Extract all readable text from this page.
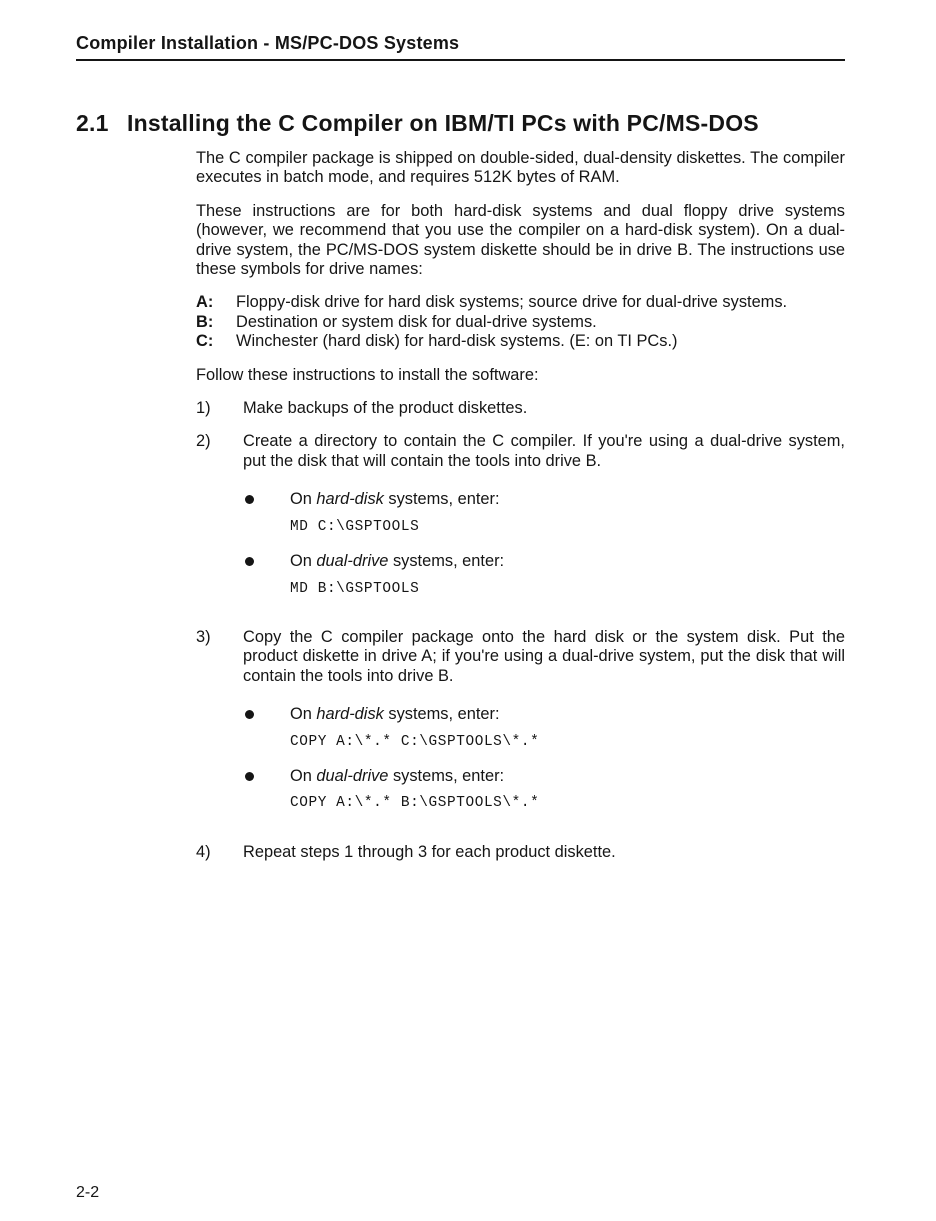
Compiler Installation - MS/PC-DOS Systems
2.1 Installing the C Compiler on IBM/TI PCs with PC/MS-DOS

The C compiler package is shipped on double-sided, dual-density diskettes. The compiler executes in batch mode, and requires 512K bytes of RAM.

These instructions are for both hard-disk systems and dual floppy drive systems (however, we recommend that you use the compiler on a hard-disk system). On a dual-drive system, the PC/MS-DOS system diskette should be in drive B. The instructions use these symbols for drive names:

A:	Floppy-disk drive for hard disk systems; source drive for dual-drive systems.
B:	Destination or system disk for dual-drive systems.
C:	Winchester (hard disk) for hard-disk systems. (E: on TI PCs.)

Follow these instructions to install the software:

1)	Make backups of the product diskettes.

2)	Create a directory to contain the C compiler. If you're using a dual-drive system, put the disk that will contain the tools into drive B.

On hard-disk systems, enter:

MD C:\GSPTOOLS

On dual-drive systems, enter:

MD B:\GSPTOOLS
3)	Copy the C compiler package onto the hard disk or the system disk. Put the product diskette in drive A; if you're using a dual-drive system, put the disk that will contain the tools into drive B.

On hard-disk systems, enter:

COPY A:\*.* C:\GSPTOOLS\*.*

On dual-drive systems, enter:

COPY A:\*.* B:\GSPTOOLS\*.*
4)	Repeat steps 1 through 3 for each product diskette.

2-2
